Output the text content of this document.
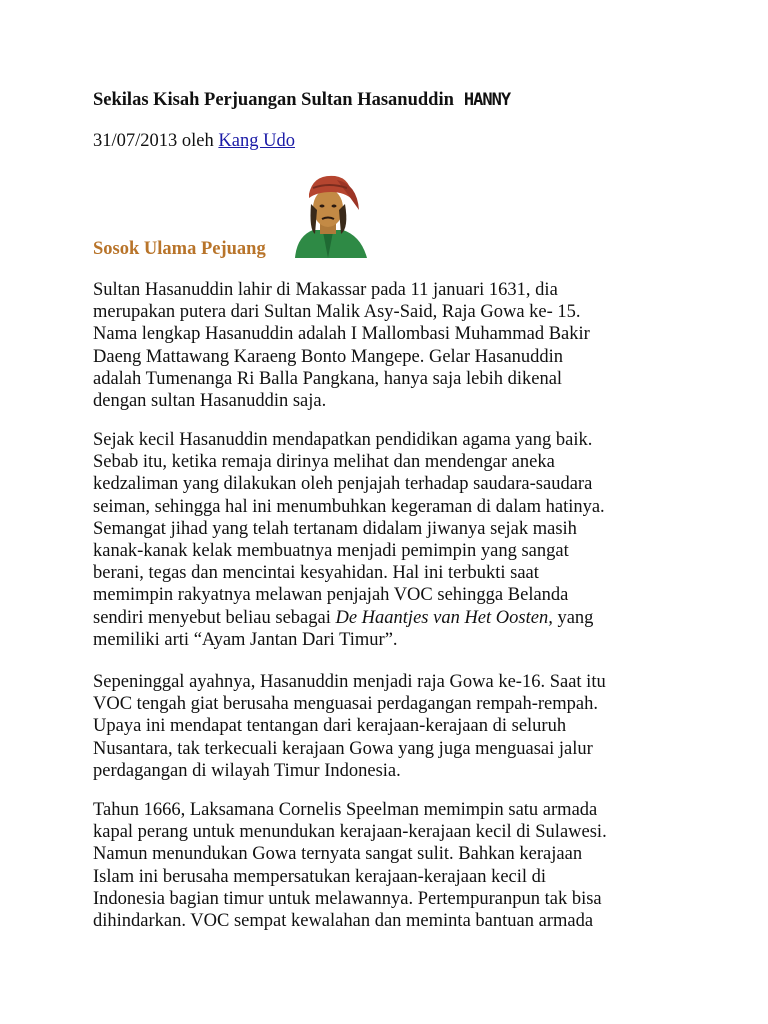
Sekilas Kisah Perjuangan Sultan Hasanuddin HANNY
31/07/2013 oleh Kang Udo
Sosok Ulama Pejuang
Sultan Hasanuddin lahir di Makassar pada 11 januari 1631, dia
merupakan putera dari Sultan Malik Asy-Said, Raja Gowa ke- 15.
Nama lengkap Hasanuddin adalah I Mallombasi Muhammad Bakir
Daeng Mattawang Karaeng Bonto Mangepe. Gelar Hasanuddin
adalah Tumenanga Ri Balla Pangkana, hanya saja lebih dikenal
dengan sultan Hasanuddin saja.
Sejak kecil Hasanuddin mendapatkan pendidikan agama yang baik.
Sebab itu, ketika remaja dirinya melihat dan mendengar aneka
kedzaliman yang dilakukan oleh penjajah terhadap saudara-saudara
seiman, sehingga hal ini menumbuhkan kegeraman di dalam hatinya.
Semangat jihad yang telah tertanam didalam jiwanya sejak masih
kanak-kanak kelak membuatnya menjadi pemimpin yang sangat
berani, tegas dan mencintai kesyahidan. Hal ini terbukti saat
memimpin rakyatnya melawan penjajah VOC sehingga Belanda
sendiri menyebut beliau sebagai De Haantjes van Het Oosten, yang
memiliki arti “Ayam Jantan Dari Timur”.
Sepeninggal ayahnya, Hasanuddin menjadi raja Gowa ke-16. Saat itu
VOC tengah giat berusaha menguasai perdagangan rempah-rempah.
Upaya ini mendapat tentangan dari kerajaan-kerajaan di seluruh
Nusantara, tak terkecuali kerajaan Gowa yang juga menguasai jalur
perdagangan di wilayah Timur Indonesia.
Tahun 1666, Laksamana Cornelis Speelman memimpin satu armada
kapal perang untuk menundukan kerajaan-kerajaan kecil di Sulawesi.
Namun menundukan Gowa ternyata sangat sulit. Bahkan kerajaan
Islam ini berusaha mempersatukan kerajaan-kerajaan kecil di
Indonesia bagian timur untuk melawannya. Pertempuranpun tak bisa
dihindarkan. VOC sempat kewalahan dan meminta bantuan armada
